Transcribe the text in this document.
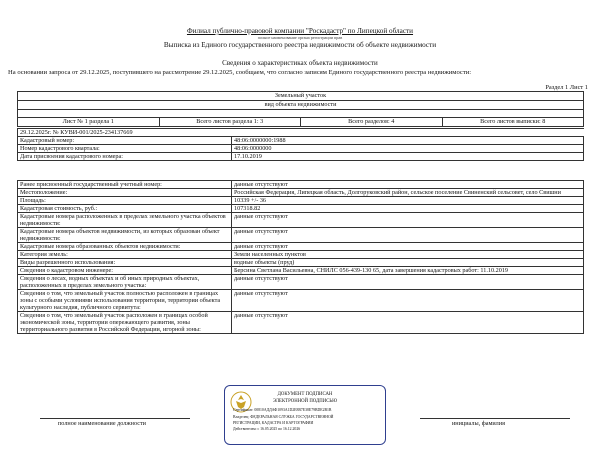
Филиал публично-правовой компании "Роскадастр" по Липецкой области
полное наименование органа регистрации прав
Выписка из Единого государственного реестра недвижимости об объекте недвижимости
Сведения о характеристиках объекта недвижимости
На основании запроса от 29.12.2025, поступившего на рассмотрение 29.12.2025, сообщаем, что согласно записям Единого государственного реестра недвижимости:
Раздел 1 Лист 1
Земельный участок
вид объекта недвижимости

Лист № 1 раздела 1	Всего листов раздела 1: 3	Всего разделов: 4	Всего листов выписки: 8
29.12.2025г. № КУВИ-001/2025-234137669	
Кадастровый номер:	48:06:0000000:1988
Номер кадастрового квартала:	48:06:0000000
Дата присвоения кадастрового номера:	17.10.2019
Ранее присвоенный государственный учетный номер:	данные отсутствуют
Местоположение:	Российская Федерация, Липецкая область, Долгоруковский район, сельское поселение Свиненский сельсовет, село Свишни
Площадь:	10339 +/- 36
Кадастровая стоимость, руб.:	107318.82
Кадастровые номера расположенных в пределах земельного участка объектов недвижимости:	данные отсутствуют
Кадастровые номера объектов недвижимости, из которых образован объект недвижимости:	данные отсутствуют
Кадастровые номера образованных объектов недвижимости:	данные отсутствуют
Категория земель:	Земли населенных пунктов
Виды разрешенного использования:	водные объекты (пруд)
Сведения о кадастровом инженере:	Берсина Светлана Васильевна, СНИЛС 056-439-130 65, дата завершения кадастровых работ: 11.10.2019
Сведения о лесах, водных объектах и об иных природных объектах, расположенных в пределах земельного участка:	данные отсутствуют
Сведения о том, что земельный участок полностью расположен в границах зоны с особыми условиями использования территории, территории объекта культурного наследия, публичного сервитута:	данные отсутствуют
Сведения о том, что земельный участок расположен в границах особой экономической зоны, территории опережающего развития, зоны территориального развития в Российской Федерации, игорной зоны:	данные отсутствуют
полное наименование должности	инициалы, фамилия
ДОКУМЕНТ ПОДПИСАН
ЭЛЕКТРОННОЙ ПОДПИСЬЮ
Сертификат: 00810АДДАФ1093A1D2E8B7E38E79BDE2B1B
Владелец: ФЕДЕРАЛЬНАЯ СЛУЖБА ГОСУДАРСТВЕННОЙ
РЕГИСТРАЦИИ, КАДАСТРА И КАРТОГРАФИИ
Действителен: с 16.05.2025 по 16.12.2026
